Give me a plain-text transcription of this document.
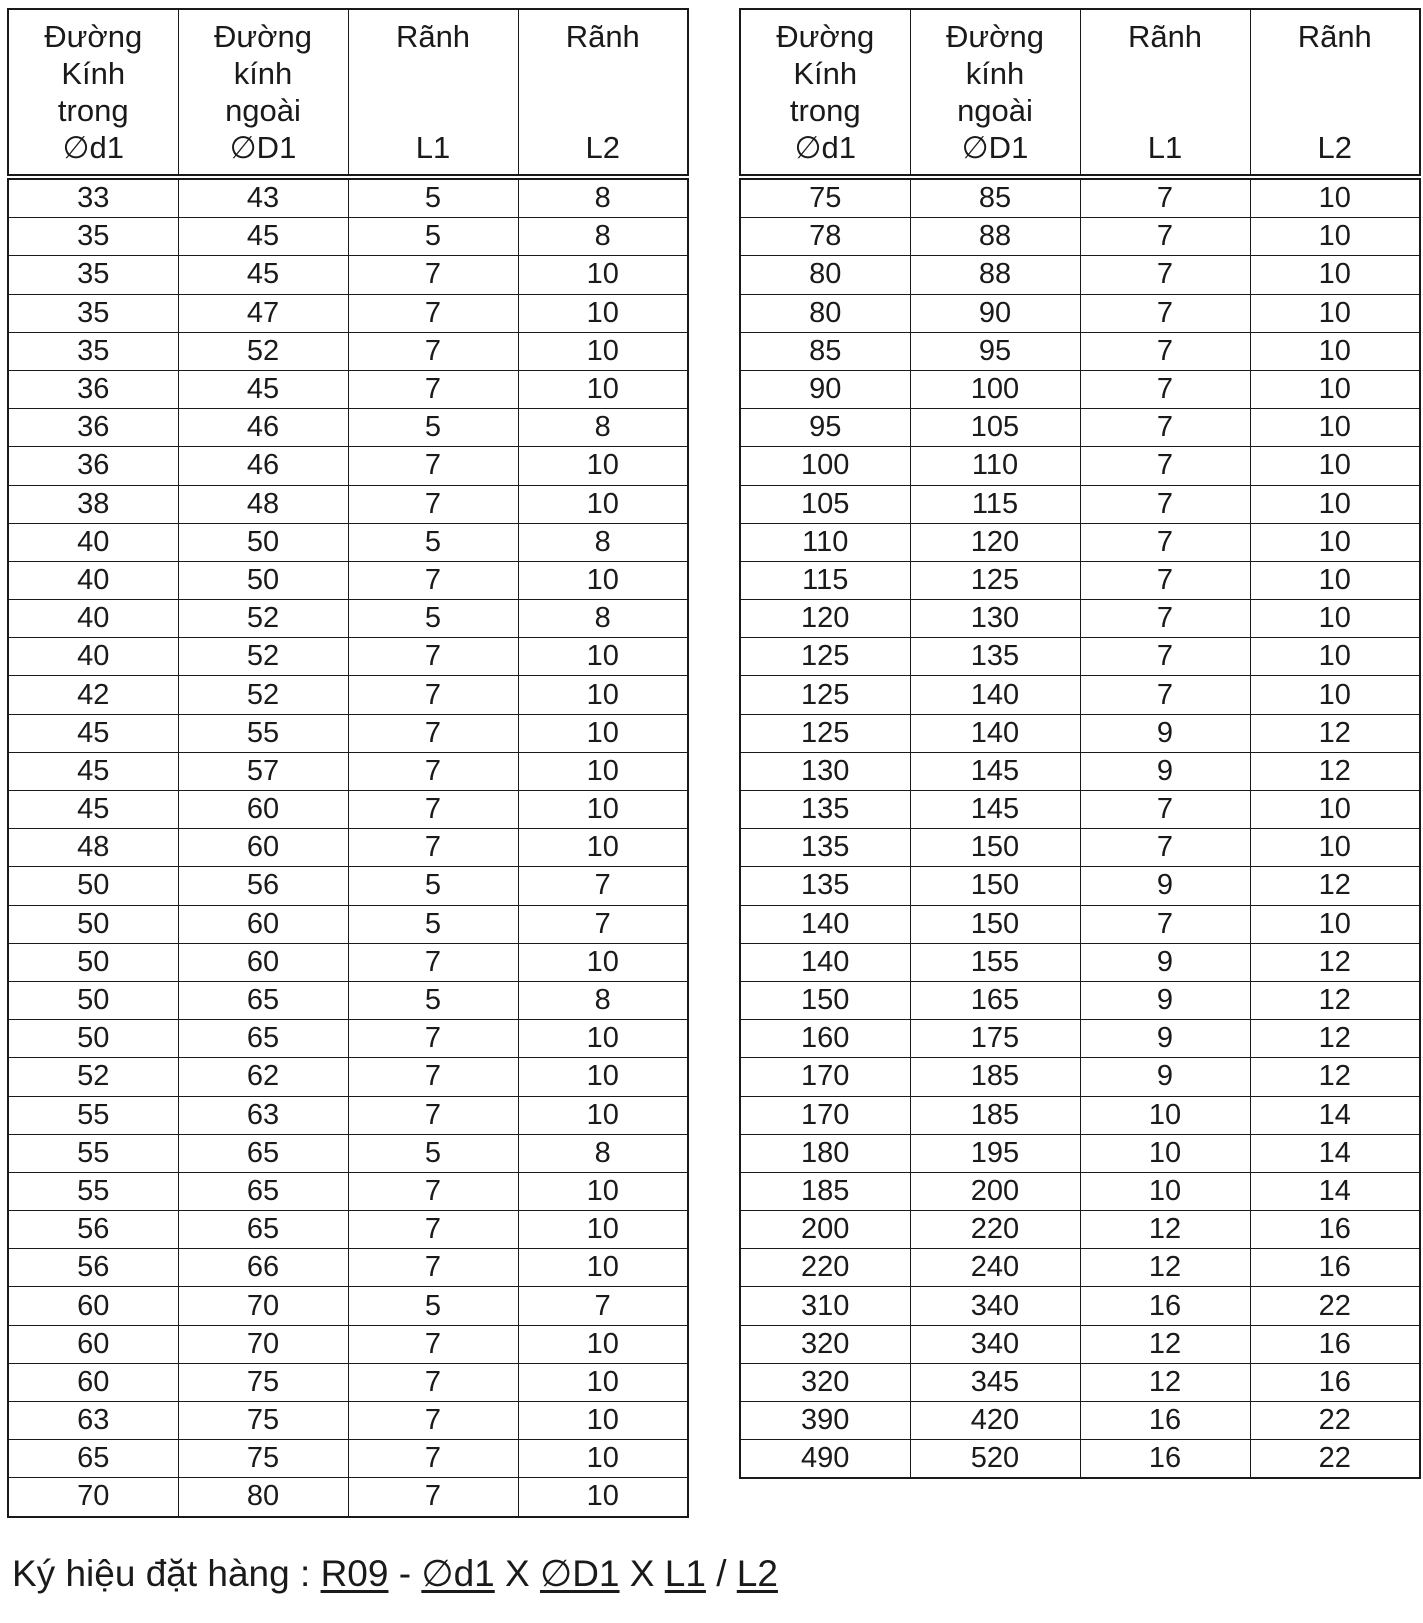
Đường
Kính
trong
∅d1	Đường
kính
ngoài
∅D1	Rãnh

L1	Rãnh

L2

33	43	5	8
35	45	5	8
35	45	7	10
35	47	7	10
35	52	7	10
36	45	7	10
36	46	5	8
36	46	7	10
38	48	7	10
40	50	5	8
40	50	7	10
40	52	5	8
40	52	7	10
42	52	7	10
45	55	7	10
45	57	7	10
45	60	7	10
48	60	7	10
50	56	5	7
50	60	5	7
50	60	7	10
50	65	5	8
50	65	7	10
52	62	7	10
55	63	7	10
55	65	5	8
55	65	7	10
56	65	7	10
56	66	7	10
60	70	5	7
60	70	7	10
60	75	7	10
63	75	7	10
65	75	7	10
70	80	7	10
Đường
Kính
trong
∅d1	Đường
kính
ngoài
∅D1	Rãnh

L1	Rãnh

L2

75	85	7	10
78	88	7	10
80	88	7	10
80	90	7	10
85	95	7	10
90	100	7	10
95	105	7	10
100	110	7	10
105	115	7	10
110	120	7	10
115	125	7	10
120	130	7	10
125	135	7	10
125	140	7	10
125	140	9	12
130	145	9	12
135	145	7	10
135	150	7	10
135	150	9	12
140	150	7	10
140	155	9	12
150	165	9	12
160	175	9	12
170	185	9	12
170	185	10	14
180	195	10	14
185	200	10	14
200	220	12	16
220	240	12	16
310	340	16	22
320	340	12	16
320	345	12	16
390	420	16	22
490	520	16	22
Ký hiệu đặt hàng : R09 - ∅d1 X ∅D1 X L1 / L2
